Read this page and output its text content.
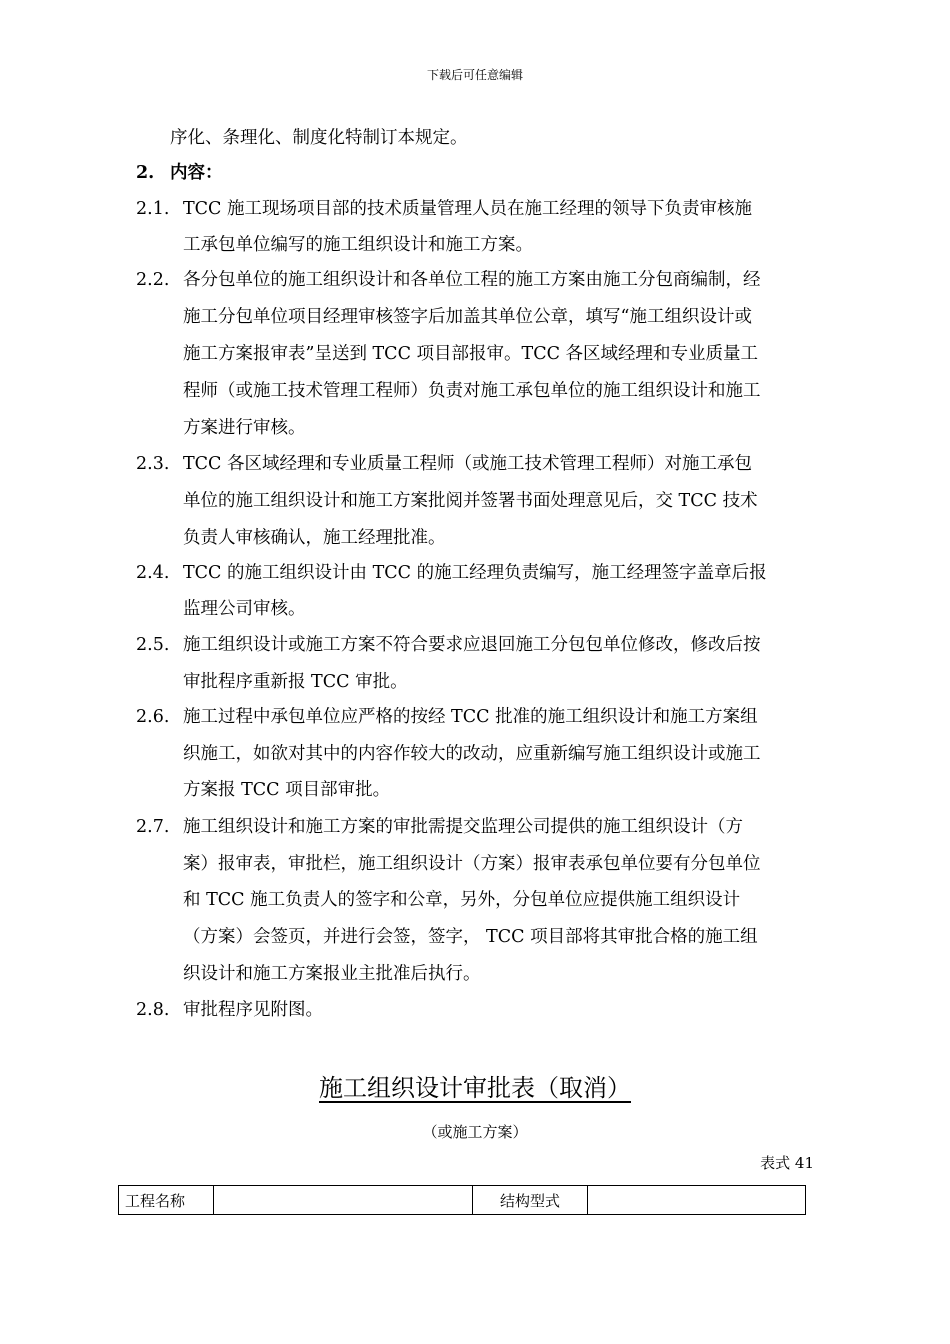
下载后可任意编辑
序化、条理化、制度化特制订本规定。
2. 内容：
2.1. TCC 施工现场项目部的技术质量管理人员在施工经理的领导下负责审核施
工承包单位编写的施工组织设计和施工方案。
2.2. 各分包单位的施工组织设计和各单位工程的施工方案由施工分包商编制，经
施工分包单位项目经理审核签字后加盖其单位公章，填写“施工组织设计或
施工方案报审表”呈送到 TCC 项目部报审。TCC 各区域经理和专业质量工
程师（或施工技术管理工程师）负责对施工承包单位的施工组织设计和施工
方案进行审核。
2.3. TCC 各区域经理和专业质量工程师（或施工技术管理工程师）对施工承包
单位的施工组织设计和施工方案批阅并签署书面处理意见后，交 TCC 技术
负责人审核确认，施工经理批准。
2.4. TCC 的施工组织设计由 TCC 的施工经理负责编写，施工经理签字盖章后报
监理公司审核。
2.5. 施工组织设计或施工方案不符合要求应退回施工分包包单位修改，修改后按
审批程序重新报 TCC 审批。
2.6. 施工过程中承包单位应严格的按经 TCC 批准的施工组织设计和施工方案组
织施工，如欲对其中的内容作较大的改动，应重新编写施工组织设计或施工
方案报 TCC 项目部审批。
2.7. 施工组织设计和施工方案的审批需提交监理公司提供的施工组织设计（方
案）报审表，审批栏，施工组织设计（方案）报审表承包单位要有分包单位
和 TCC 施工负责人的签字和公章，另外，分包单位应提供施工组织设计
（方案）会签页，并进行会签，签字， TCC 项目部将其审批合格的施工组
织设计和施工方案报业主批准后执行。
2.8. 审批程序见附图。
施工组织设计审批表（取消）
（或施工方案）
表式 41
工程名称		结构型式	
